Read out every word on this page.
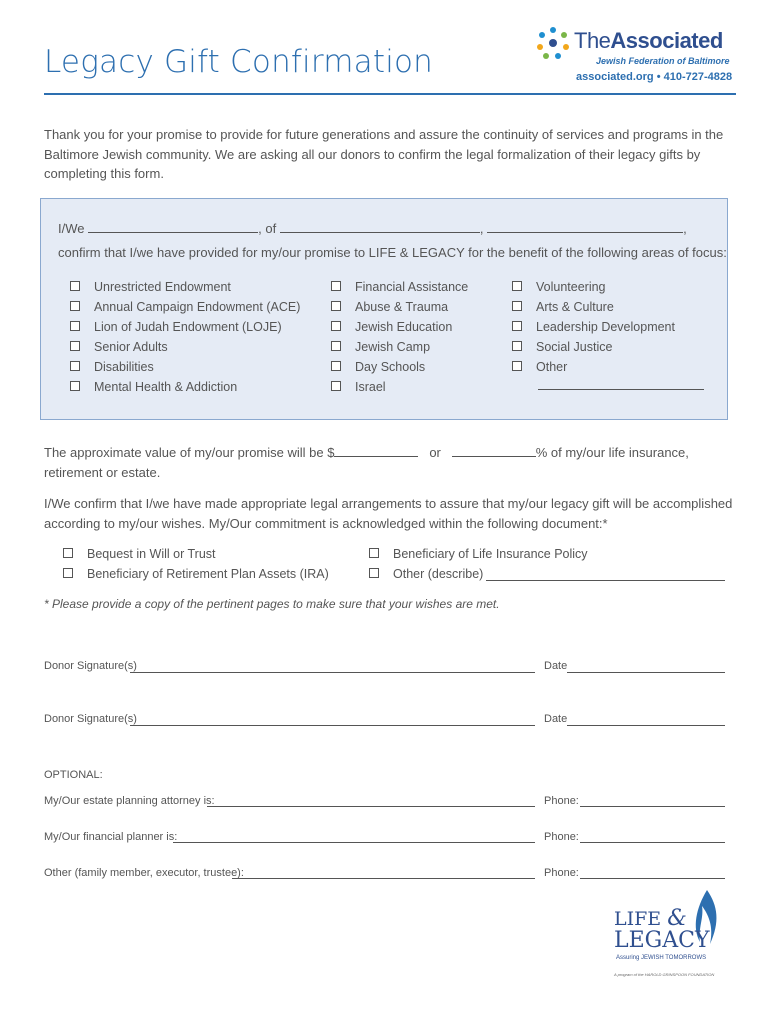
Legacy Gift Confirmation
TheAssociated
Jewish Federation of Baltimore
associated.org • 410-727-4828
Thank you for your promise to provide for future generations and assure the continuity of services and programs in the Baltimore Jewish community. We are asking all our donors to confirm the legal formalization of their legacy gifts by completing this form.
I/We	, of	,	,
confirm that I/we have provided for my/our promise to LIFE & LEGACY for the benefit of the following areas of focus:
Unrestricted Endowment
Annual Campaign Endowment (ACE)
Lion of Judah Endowment (LOJE)
Senior Adults
Disabilities
Mental Health & Addiction
Financial Assistance
Abuse & Trauma
Jewish Education
Jewish Camp
Day Schools
Israel
Volunteering
Arts & Culture
Leadership Development
Social Justice
Other
The approximate value of my/our promise will be $	or	% of my/our life insurance,
retirement or estate.
I/We confirm that I/we have made appropriate legal arrangements to assure that my/our legacy gift will be accomplished according to my/our wishes. My/Our commitment is acknowledged within the following document:*
Bequest in Will or Trust
Beneficiary of Retirement Plan Assets (IRA)
Beneficiary of Life Insurance Policy
Other (describe)
* Please provide a copy of the pertinent pages to make sure that your wishes are met.
Donor Signature(s)	Date
Donor Signature(s)	Date
OPTIONAL:
My/Our estate planning attorney is:	Phone:
My/Our financial planner is:	Phone:
Other (family member, executor, trustee):	Phone:
LIFE &
LEGACY
Assuring JEWISH TOMORROWS
A program of the HAROLD GRINSPOON FOUNDATION
